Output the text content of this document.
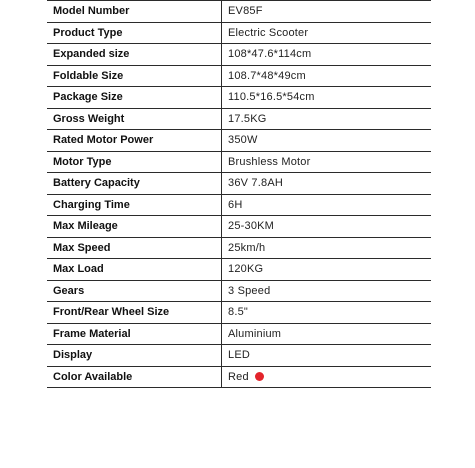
Model Number	EV85F
Product Type	Electric Scooter
Expanded size	108*47.6*114cm
Foldable Size	108.7*48*49cm
Package Size	110.5*16.5*54cm
Gross Weight	17.5KG
Rated Motor Power	350W
Motor Type	Brushless Motor
Battery Capacity	36V 7.8AH
Charging Time	6H
Max Mileage	25-30KM
Max Speed	25km/h
Max Load	120KG
Gears	3 Speed
Front/Rear Wheel Size	8.5"
Frame Material	Aluminium
Display	LED
Color Available	Red
